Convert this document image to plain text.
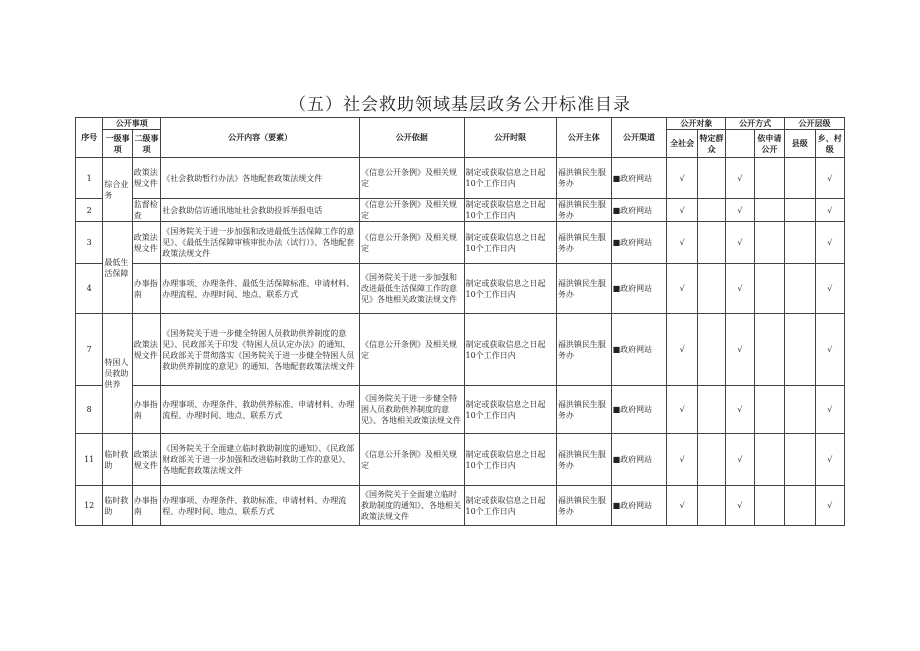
（五）社会救助领域基层政务公开标准目录
序号	公开事项		公开内容（要素）	公开依据	公开时限	公开主体	公开渠道	公开对象		公开方式		公开层级	
	一级事项	二级事项						全社会	特定群众		依申请公开	县级	乡、村级

1	综合业务	政策法规文件	《社会救助暂行办法》各地配套政策法规文件	《信息公开条例》及相关规定	制定或获取信息之日起10个工作日内	福洪镇民生服务办	■政府网站	√		√			√
2		监督检查	社会救助信访通讯地址社会救助投诉举报电话	《信息公开条例》及相关规定	制定或获取信息之日起10个工作日内	福洪镇民生服务办	■政府网站	√		√			√
3	最低生活保障	政策法规文件	《国务院关于进一步加强和改进最低生活保障工作的意见》、《最低生活保障审核审批办法（试行）》、各地配套政策法规文件	《信息公开条例》及相关规定	制定或获取信息之日起10个工作日内	福洪镇民生服务办	■政府网站	√		√			√
4		办事指南	办理事项、办理条件、最低生活保障标准、申请材料、办理流程、办理时间、地点、联系方式	《国务院关于进一步加强和改进最低生活保障工作的意见》各地相关政策法规文件	制定或获取信息之日起10个工作日内	福洪镇民生服务办	■政府网站	√		√			√
7	特困人员救助供养	政策法规文件	《国务院关于进一步健全特困人员救助供养制度的意见》、民政部关于印发《特困人员认定办法》的通知、民政部关于贯彻落实《国务院关于进一步健全特困人员救助供养制度的意见》的通知、各地配套政策法规文件	《信息公开条例》及相关规定	制定或获取信息之日起10个工作日内	福洪镇民生服务办	■政府网站	√		√			√
8		办事指南	办理事项、办理条件、救助供养标准、申请材料、办理流程、办理时间、地点、联系方式	《国务院关于进一步健全特困人员救助供养制度的意见》、各地相关政策法规文件	制定或获取信息之日起10个工作日内	福洪镇民生服务办	■政府网站	√		√			√
11	临时救助	政策法规文件	《国务院关于全面建立临时救助制度的通知》、《民政部财政部关于进一步加强和改进临时救助工作的意见》、各地配套政策法规文件	《信息公开条例》及相关规定	制定或获取信息之日起10个工作日内	福洪镇民生服务办	■政府网站	√		√			√
12	临时救助	办事指南	办理事项、办理条件、救助标准、申请材料、办理流程、办理时间、地点、联系方式	《国务院关于全面建立临时救助制度的通知》、各地相关政策法规文件	制定或获取信息之日起10个工作日内	福洪镇民生服务办	■政府网站	√		√			√
